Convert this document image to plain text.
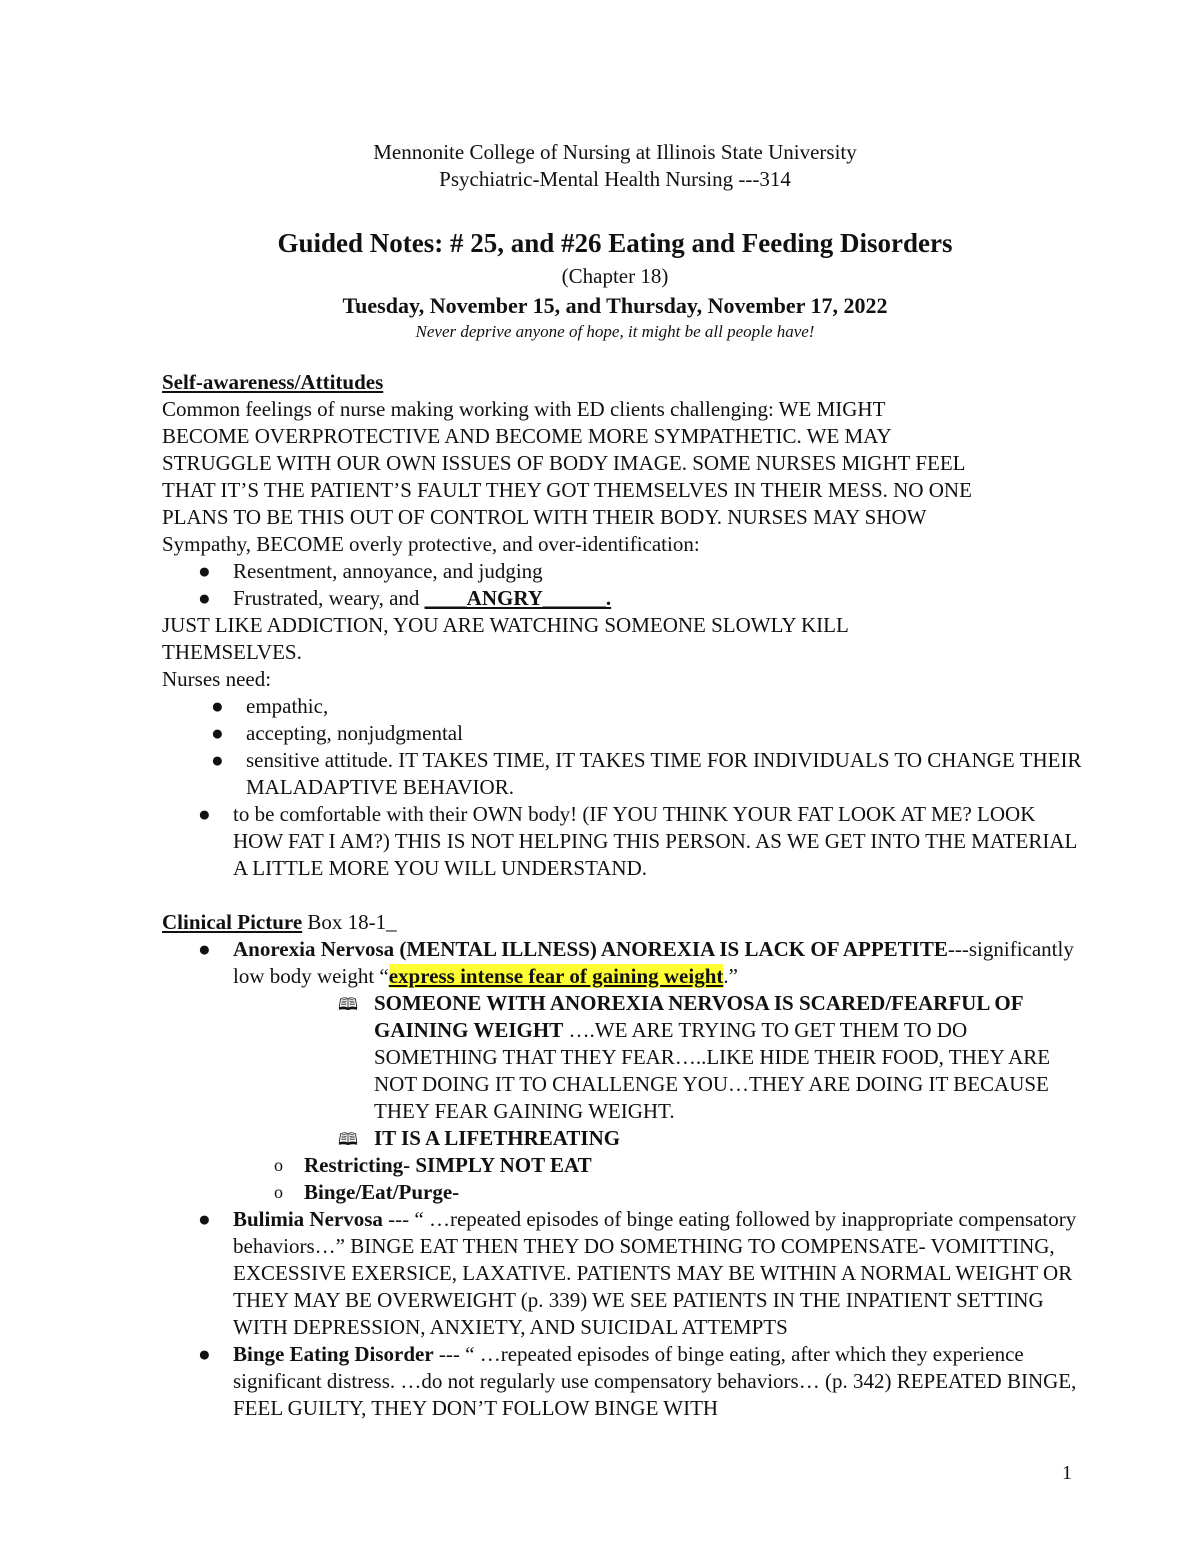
Mennonite College of Nursing at Illinois State University
Psychiatric-Mental Health Nursing ---314
Guided Notes: # 25, and #26 Eating and Feeding Disorders
(Chapter 18)
Tuesday, November 15, and Thursday, November 17, 2022
Never deprive anyone of hope, it might be all people have!

Self-awareness/Attitudes

Common feelings of nurse making working with ED clients challenging: WE MIGHT

BECOME OVERPROTECTIVE AND BECOME MORE SYMPATHETIC. WE MAY

STRUGGLE WITH OUR OWN ISSUES OF BODY IMAGE. SOME NURSES MIGHT FEEL

THAT IT’S THE PATIENT’S FAULT THEY GOT THEMSELVES IN THEIR MESS. NO ONE

PLANS TO BE THIS OUT OF CONTROL WITH THEIR BODY. NURSES MAY SHOW

Sympathy, BECOME overly protective, and over-identification:

● Resentment, annoyance, and judging
● Frustrated, weary, and ____ANGRY______.

JUST LIKE ADDICTION, YOU ARE WATCHING SOMEONE SLOWLY KILL

THEMSELVES.

Nurses need:

● empathic,
● accepting, nonjudgmental
● sensitive attitude. IT TAKES TIME, IT TAKES TIME FOR INDIVIDUALS TO CHANGE THEIR MALADAPTIVE BEHAVIOR.
● to be comfortable with their OWN body! (IF YOU THINK YOUR FAT LOOK AT ME? LOOK HOW FAT I AM?) THIS IS NOT HELPING THIS PERSON. AS WE GET INTO THE MATERIAL A LITTLE MORE YOU WILL UNDERSTAND.

Clinical Picture Box 18-1_

● Anorexia Nervosa (MENTAL ILLNESS) ANOREXIA IS LACK OF APPETITE---significantly low body weight “express intense fear of gaining weight.”
🕮 SOMEONE WITH ANOREXIA NERVOSA IS SCARED/FEARFUL OF GAINING WEIGHT ….WE ARE TRYING TO GET THEM TO DO SOMETHING THAT THEY FEAR…..LIKE HIDE THEIR FOOD, THEY ARE NOT DOING IT TO CHALLENGE YOU…THEY ARE DOING IT BECAUSE THEY FEAR GAINING WEIGHT.
🕮 IT IS A LIFETHREATING
o Restricting- SIMPLY NOT EAT
o Binge/Eat/Purge-
● Bulimia Nervosa --- “ …repeated episodes of binge eating followed by inappropriate compensatory behaviors…” BINGE EAT THEN THEY DO SOMETHING TO COMPENSATE- VOMITTING, EXCESSIVE EXERSICE, LAXATIVE. PATIENTS MAY BE WITHIN A NORMAL WEIGHT OR THEY MAY BE OVERWEIGHT (p. 339) WE SEE PATIENTS IN THE INPATIENT SETTING WITH DEPRESSION, ANXIETY, AND SUICIDAL ATTEMPTS
● Binge Eating Disorder --- “ …repeated episodes of binge eating, after which they experience significant distress. …do not regularly use compensatory behaviors… (p. 342) REPEATED BINGE, FEEL GUILTY, THEY DON’T FOLLOW BINGE WITH
1
